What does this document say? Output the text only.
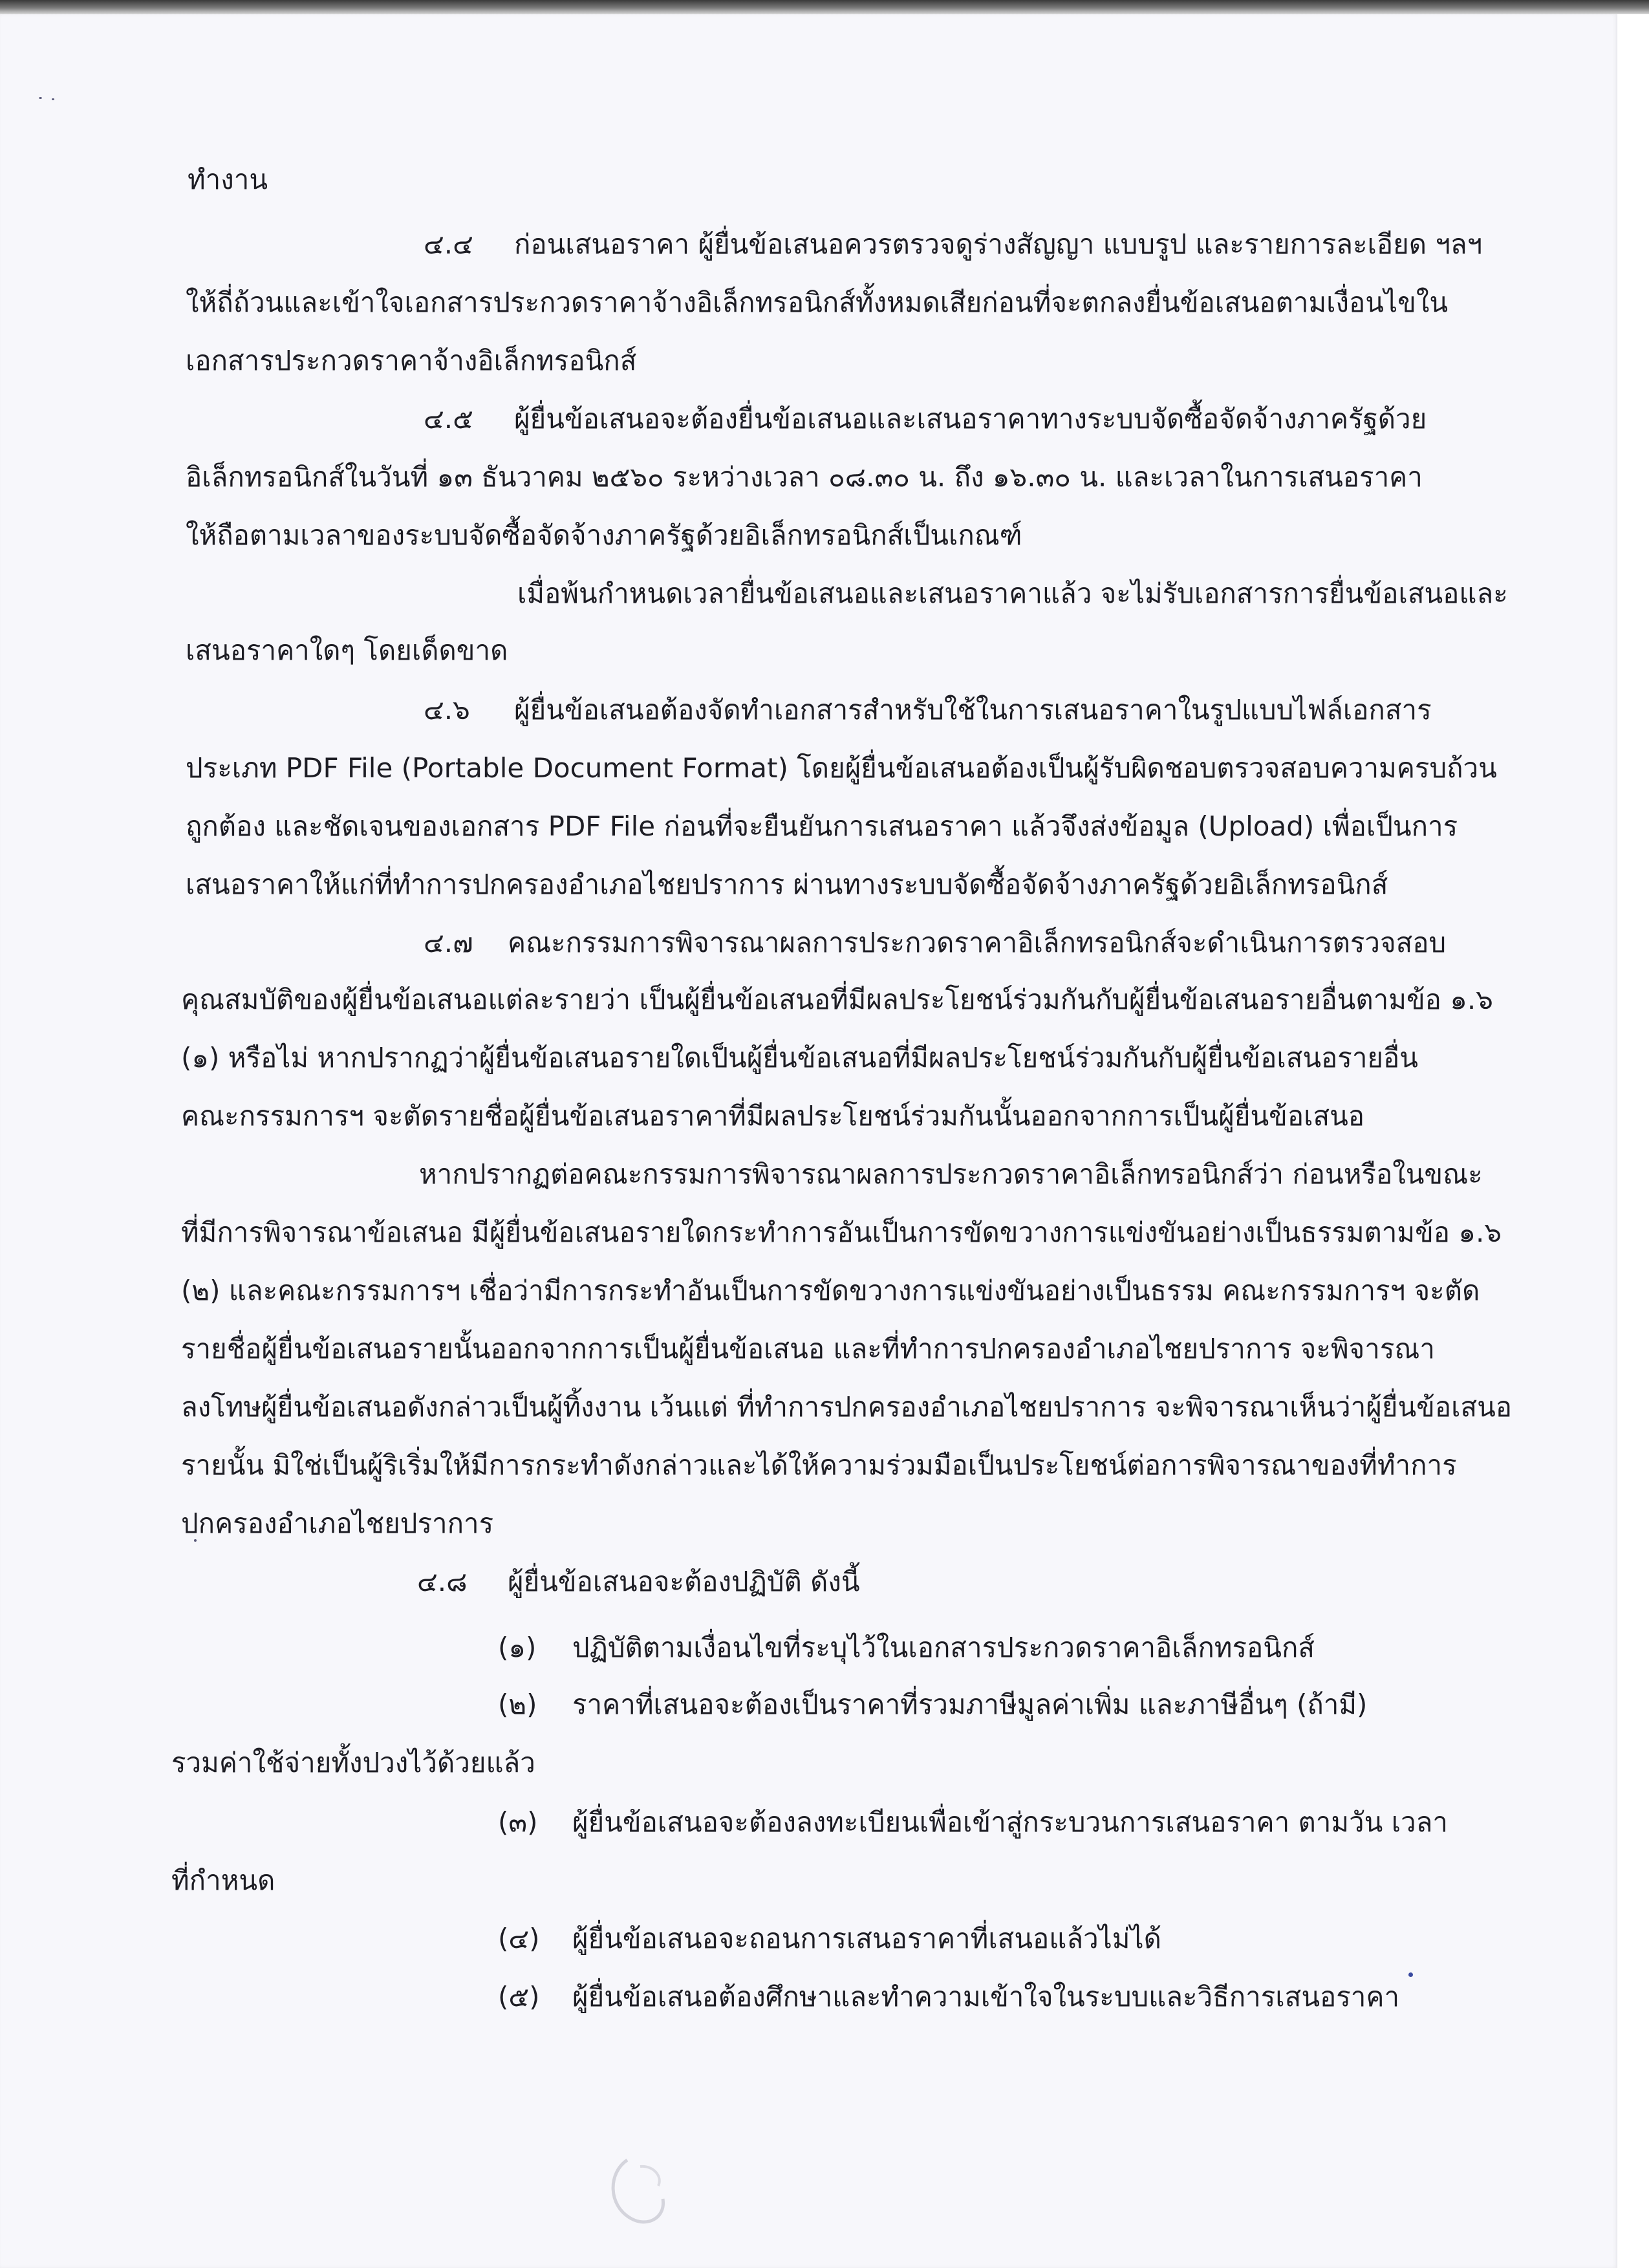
ทำงาน
๔.๔ ก่อนเสนอราคา ผู้ยื่นข้อเสนอควรตรวจดูร่างสัญญา แบบรูป และรายการละเอียด ฯลฯ
ให้ถี่ถ้วนและเข้าใจเอกสารประกวดราคาจ้างอิเล็กทรอนิกส์ทั้งหมดเสียก่อนที่จะตกลงยื่นข้อเสนอตามเงื่อนไขใน
เอกสารประกวดราคาจ้างอิเล็กทรอนิกส์
๔.๕ ผู้ยื่นข้อเสนอจะต้องยื่นข้อเสนอและเสนอราคาทางระบบจัดซื้อจัดจ้างภาครัฐด้วย
อิเล็กทรอนิกส์ในวันที่ ๑๓ ธันวาคม ๒๕๖๐ ระหว่างเวลา ๐๘.๓๐ น. ถึง ๑๖.๓๐ น. และเวลาในการเสนอราคา
ให้ถือตามเวลาของระบบจัดซื้อจัดจ้างภาครัฐด้วยอิเล็กทรอนิกส์เป็นเกณฑ์
เมื่อพ้นกำหนดเวลายื่นข้อเสนอและเสนอราคาแล้ว จะไม่รับเอกสารการยื่นข้อเสนอและ
เสนอราคาใดๆ โดยเด็ดขาด
๔.๖ ผู้ยื่นข้อเสนอต้องจัดทำเอกสารสำหรับใช้ในการเสนอราคาในรูปแบบไฟล์เอกสาร
ประเภท PDF File (Portable Document Format) โดยผู้ยื่นข้อเสนอต้องเป็นผู้รับผิดชอบตรวจสอบความครบถ้วน
ถูกต้อง และชัดเจนของเอกสาร PDF File ก่อนที่จะยืนยันการเสนอราคา แล้วจึงส่งข้อมูล (Upload) เพื่อเป็นการ
เสนอราคาให้แก่ที่ทำการปกครองอำเภอไชยปราการ ผ่านทางระบบจัดซื้อจัดจ้างภาครัฐด้วยอิเล็กทรอนิกส์
๔.๗ คณะกรรมการพิจารณาผลการประกวดราคาอิเล็กทรอนิกส์จะดำเนินการตรวจสอบ
คุณสมบัติของผู้ยื่นข้อเสนอแต่ละรายว่า เป็นผู้ยื่นข้อเสนอที่มีผลประโยชน์ร่วมกันกับผู้ยื่นข้อเสนอรายอื่นตามข้อ ๑.๖
(๑) หรือไม่ หากปรากฏว่าผู้ยื่นข้อเสนอรายใดเป็นผู้ยื่นข้อเสนอที่มีผลประโยชน์ร่วมกันกับผู้ยื่นข้อเสนอรายอื่น
คณะกรรมการฯ จะตัดรายชื่อผู้ยื่นข้อเสนอราคาที่มีผลประโยชน์ร่วมกันนั้นออกจากการเป็นผู้ยื่นข้อเสนอ
หากปรากฏต่อคณะกรรมการพิจารณาผลการประกวดราคาอิเล็กทรอนิกส์ว่า ก่อนหรือในขณะ
ที่มีการพิจารณาข้อเสนอ มีผู้ยื่นข้อเสนอรายใดกระทำการอันเป็นการขัดขวางการแข่งขันอย่างเป็นธรรมตามข้อ ๑.๖
(๒) และคณะกรรมการฯ เชื่อว่ามีการกระทำอันเป็นการขัดขวางการแข่งขันอย่างเป็นธรรม คณะกรรมการฯ จะตัด
รายชื่อผู้ยื่นข้อเสนอรายนั้นออกจากการเป็นผู้ยื่นข้อเสนอ และที่ทำการปกครองอำเภอไชยปราการ จะพิจารณา
ลงโทษผู้ยื่นข้อเสนอดังกล่าวเป็นผู้ทิ้งงาน เว้นแต่ ที่ทำการปกครองอำเภอไชยปราการ จะพิจารณาเห็นว่าผู้ยื่นข้อเสนอ
รายนั้น มิใช่เป็นผู้ริเริ่มให้มีการกระทำดังกล่าวและได้ให้ความร่วมมือเป็นประโยชน์ต่อการพิจารณาของที่ทำการ
ปกครองอำเภอไชยปราการ
๔.๘ ผู้ยื่นข้อเสนอจะต้องปฏิบัติ ดังนี้
(๑) ปฏิบัติตามเงื่อนไขที่ระบุไว้ในเอกสารประกวดราคาอิเล็กทรอนิกส์
(๒) ราคาที่เสนอจะต้องเป็นราคาที่รวมภาษีมูลค่าเพิ่ม และภาษีอื่นๆ (ถ้ามี)
รวมค่าใช้จ่ายทั้งปวงไว้ด้วยแล้ว
(๓) ผู้ยื่นข้อเสนอจะต้องลงทะเบียนเพื่อเข้าสู่กระบวนการเสนอราคา ตามวัน เวลา
ที่กำหนด
(๔) ผู้ยื่นข้อเสนอจะถอนการเสนอราคาที่เสนอแล้วไม่ได้
(๕) ผู้ยื่นข้อเสนอต้องศึกษาและทำความเข้าใจในระบบและวิธีการเสนอราคา
